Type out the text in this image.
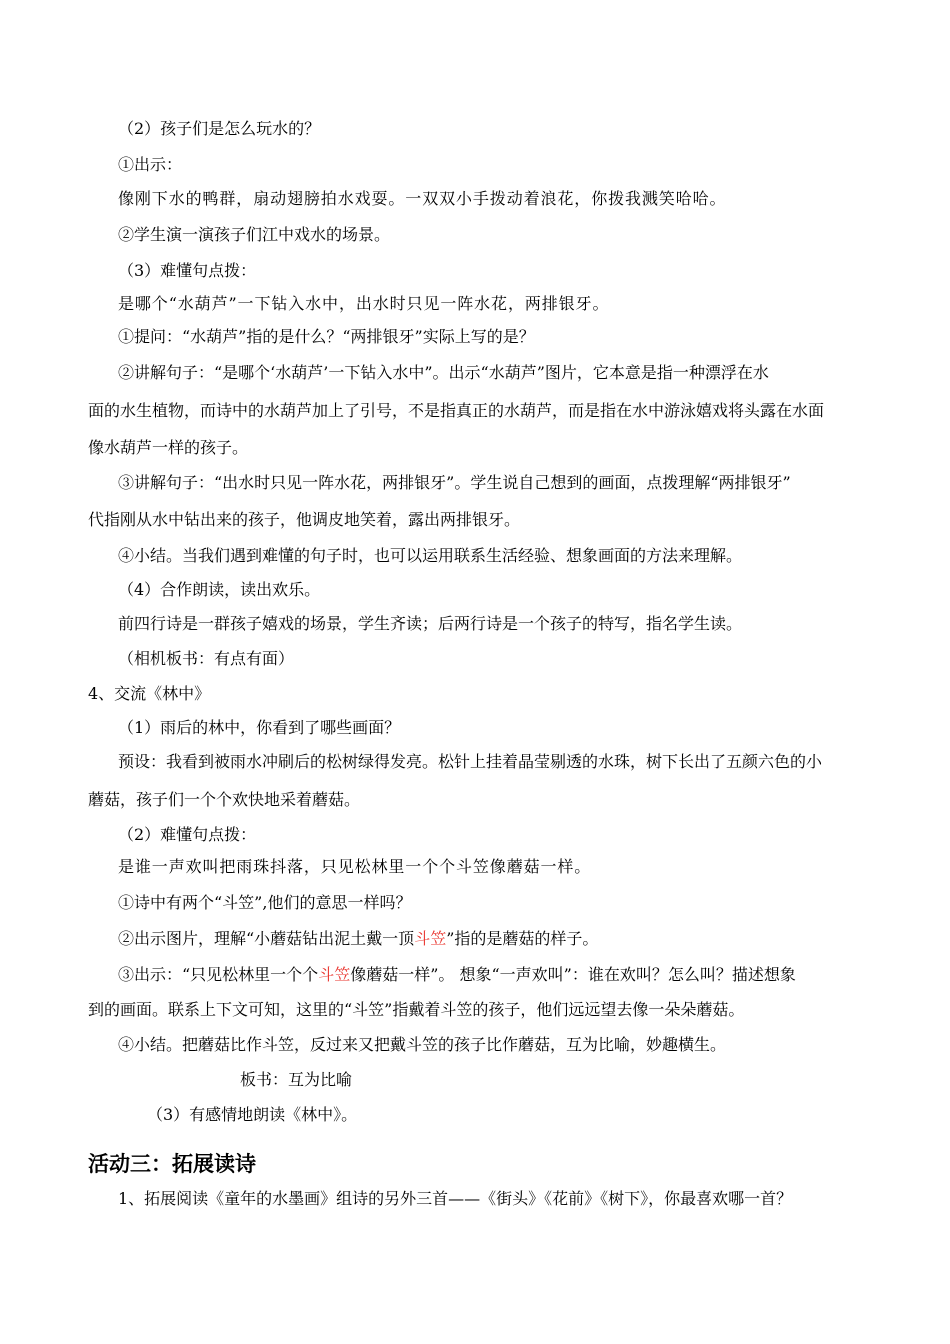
（2）孩子们是怎么玩水的？
①出示：
像刚下水的鸭群，扇动翅膀拍水戏耍。一双双小手拨动着浪花，你拨我溅笑哈哈。
②学生演一演孩子们江中戏水的场景。
（3）难懂句点拨：
是哪个“水葫芦”一下钻入水中，出水时只见一阵水花，两排银牙。
①提问：“水葫芦”指的是什么？“两排银牙”实际上写的是？
②讲解句子：“是哪个‘水葫芦’一下钻入水中”。出示“水葫芦”图片，它本意是指一种漂浮在水
面的水生植物，而诗中的水葫芦加上了引号，不是指真正的水葫芦，而是指在水中游泳嬉戏将头露在水面
像水葫芦一样的孩子。
③讲解句子：“出水时只见一阵水花，两排银牙”。学生说自己想到的画面，点拨理解“两排银牙”
代指刚从水中钻出来的孩子，他调皮地笑着，露出两排银牙。
④小结。当我们遇到难懂的句子时，也可以运用联系生活经验、想象画面的方法来理解。
（4）合作朗读，读出欢乐。
前四行诗是一群孩子嬉戏的场景，学生齐读；后两行诗是一个孩子的特写，指名学生读。
（相机板书：有点有面）
4、交流《林中》
（1）雨后的林中，你看到了哪些画面？
预设：我看到被雨水冲刷后的松树绿得发亮。松针上挂着晶莹剔透的水珠，树下长出了五颜六色的小
蘑菇，孩子们一个个欢快地采着蘑菇。
（2）难懂句点拨：
是谁一声欢叫把雨珠抖落，只见松林里一个个斗笠像蘑菇一样。
①诗中有两个“斗笠”,他们的意思一样吗？
②出示图片，理解“小蘑菇钻出泥土戴一顶斗笠”指的是蘑菇的样子。
③出示：“只见松林里一个个斗笠像蘑菇一样”。 想象“一声欢叫”：谁在欢叫？怎么叫？描述想象
到的画面。联系上下文可知，这里的“斗笠”指戴着斗笠的孩子，他们远远望去像一朵朵蘑菇。
④小结。把蘑菇比作斗笠，反过来又把戴斗笠的孩子比作蘑菇，互为比喻，妙趣横生。
板书：互为比喻
（3）有感情地朗读《林中》。
活动三：拓展读诗
1、拓展阅读《童年的水墨画》组诗的另外三首——《街头》《花前》《树下》，你最喜欢哪一首？
